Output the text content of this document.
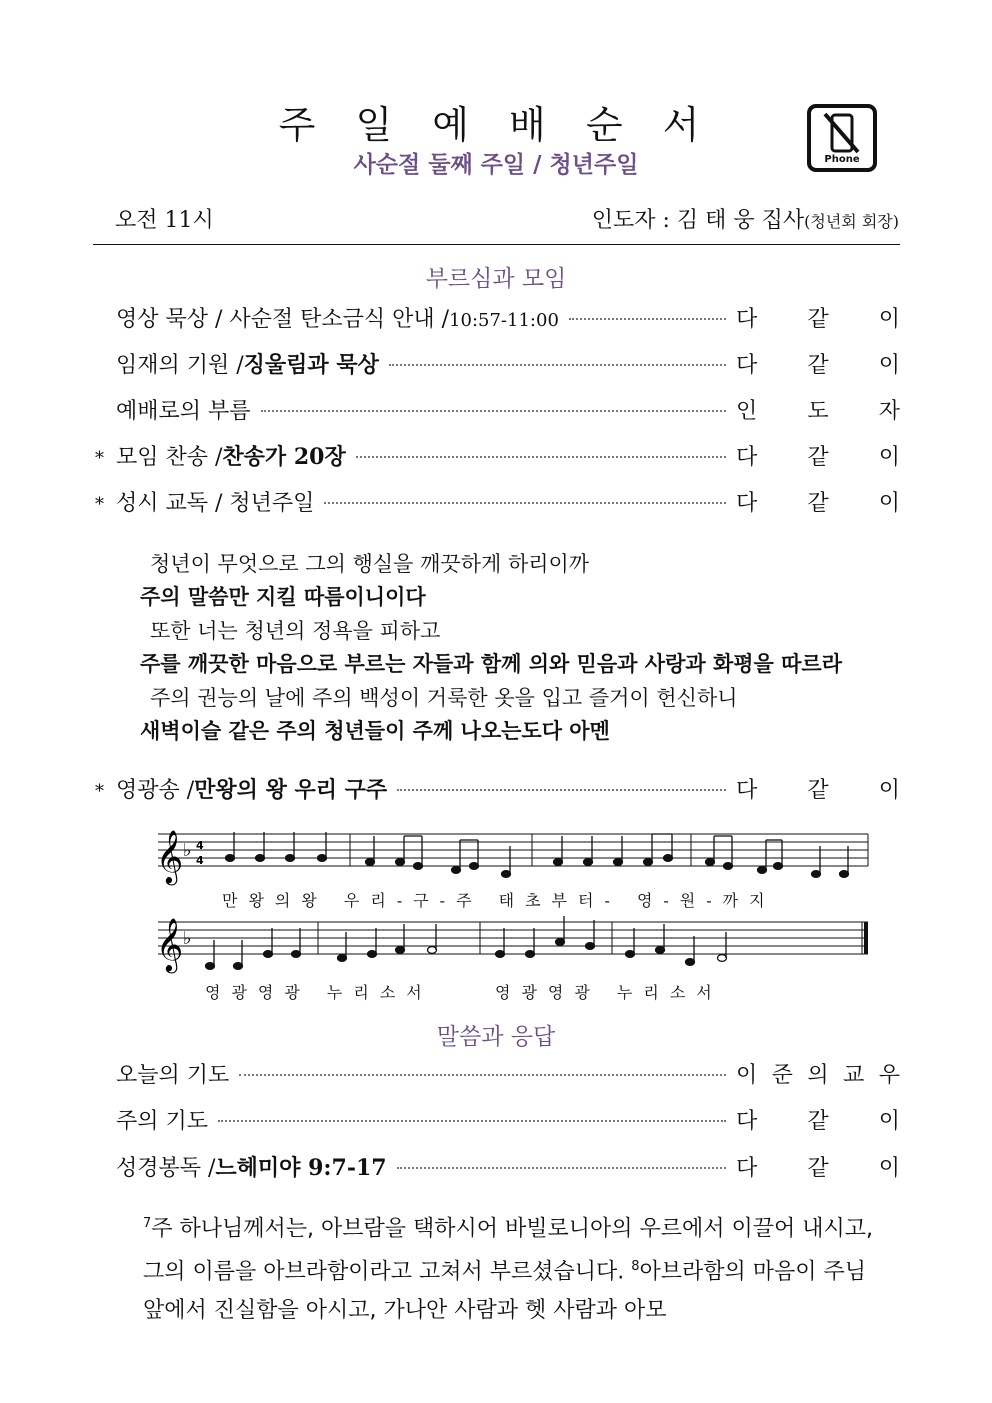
주 일 예 배 순 서
사순절 둘째 주일 / 청년주일	Phone
오전 11시	인도자 : 김 태 웅 집사(청년회 회장)
부르심과 모임
영상 묵상 / 사순절 탄소금식 안내 / 10:57-11:00	다 같 이
임재의 기원 / 징울림과 묵상	다 같 이
예배로의 부름	인 도 자
* 모임 찬송 / 찬송가 20장	다 같 이
* 성시 교독 / 청년주일	다 같 이
청년이 무엇으로 그의 행실을 깨끗하게 하리이까
주의 말씀만 지킬 따름이니이다
또한 너는 청년의 정욕을 피하고
주를 깨끗한 마음으로 부르는 자들과 함께 의와 믿음과 사랑과 화평을 따르라
주의 권능의 날에 주의 백성이 거룩한 옷을 입고 즐거이 헌신하니
새벽이슬 같은 주의 청년들이 주께 나오는도다 아멘
* 영광송 / 만왕의 왕 우리 구주	다 같 이
𝄞 ♭ 4
4
만왕의왕 우리-구-주 태초부터- 영-원-까지
𝄞 ♭
영광영광 누리소서	영광영광 누리소서
말씀과 응답
오늘의 기도	이 준 의 교 우
주의 기도	다 같 이
성경봉독 / 느헤미야 9:7-17	다 같 이
$^7$주 하나님께서는, 아브람을 택하시어 바빌로니아의 우르에서 이끌어 내시고, 그의 이름을 아브라함이라고 고쳐서 부르셨습니다. $^8$아브라함의 마음이 주님 앞에서 진실함을 아시고, 가나안 사람과 헷 사람과 아모
